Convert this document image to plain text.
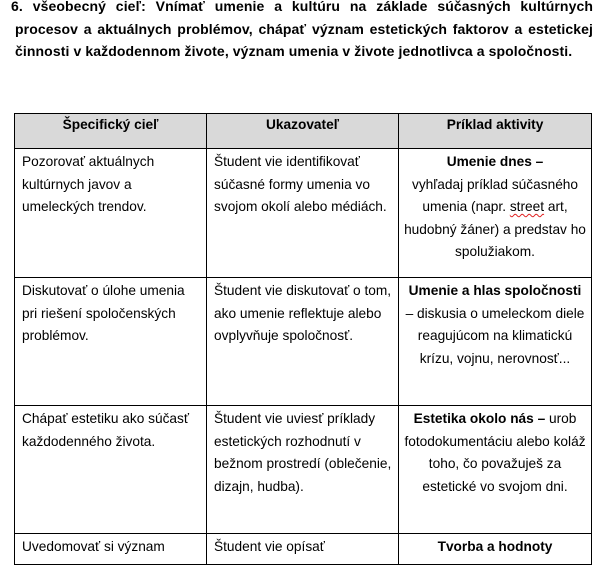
6. všeobecný cieľ: Vnímať umenie a kultúru na základe súčasných kultúrnych procesov a aktuálnych problémov, chápať význam estetických faktorov a estetickej činnosti v každodennom živote, význam umenia v živote jednotlivca a spoločnosti.
Špecifický cieľ	Ukazovateľ	Príklad aktivity

Pozorovať aktuálnych kultúrnych javov a umeleckých trendov.	Študent vie identifikovať súčasné formy umenia vo svojom okolí alebo médiách.	Umenie dnes –
vyhľadaj príklad súčasného umenia (napr. street art, hudobný žáner) a predstav ho spolužiakom.

Diskutovať o úlohe umenia pri riešení spoločenských problémov.	Študent vie diskutovať o tom, ako umenie reflektuje alebo ovplyvňuje spoločnosť.	Umenie a hlas spoločnosti – diskusia o umeleckom diele reagujúcom na klimatickú krízu, vojnu, nerovnosť...

Chápať estetiku ako súčasť každodenného života.	Študent vie uviesť príklady estetických rozhodnutí v bežnom prostredí (oblečenie, dizajn, hudba).	Estetika okolo nás – urob fotodokumentáciu alebo koláž toho, čo považuješ za estetické vo svojom dni.

Uvedomovať si význam	Študent vie opísať	Tvorba a hodnoty
